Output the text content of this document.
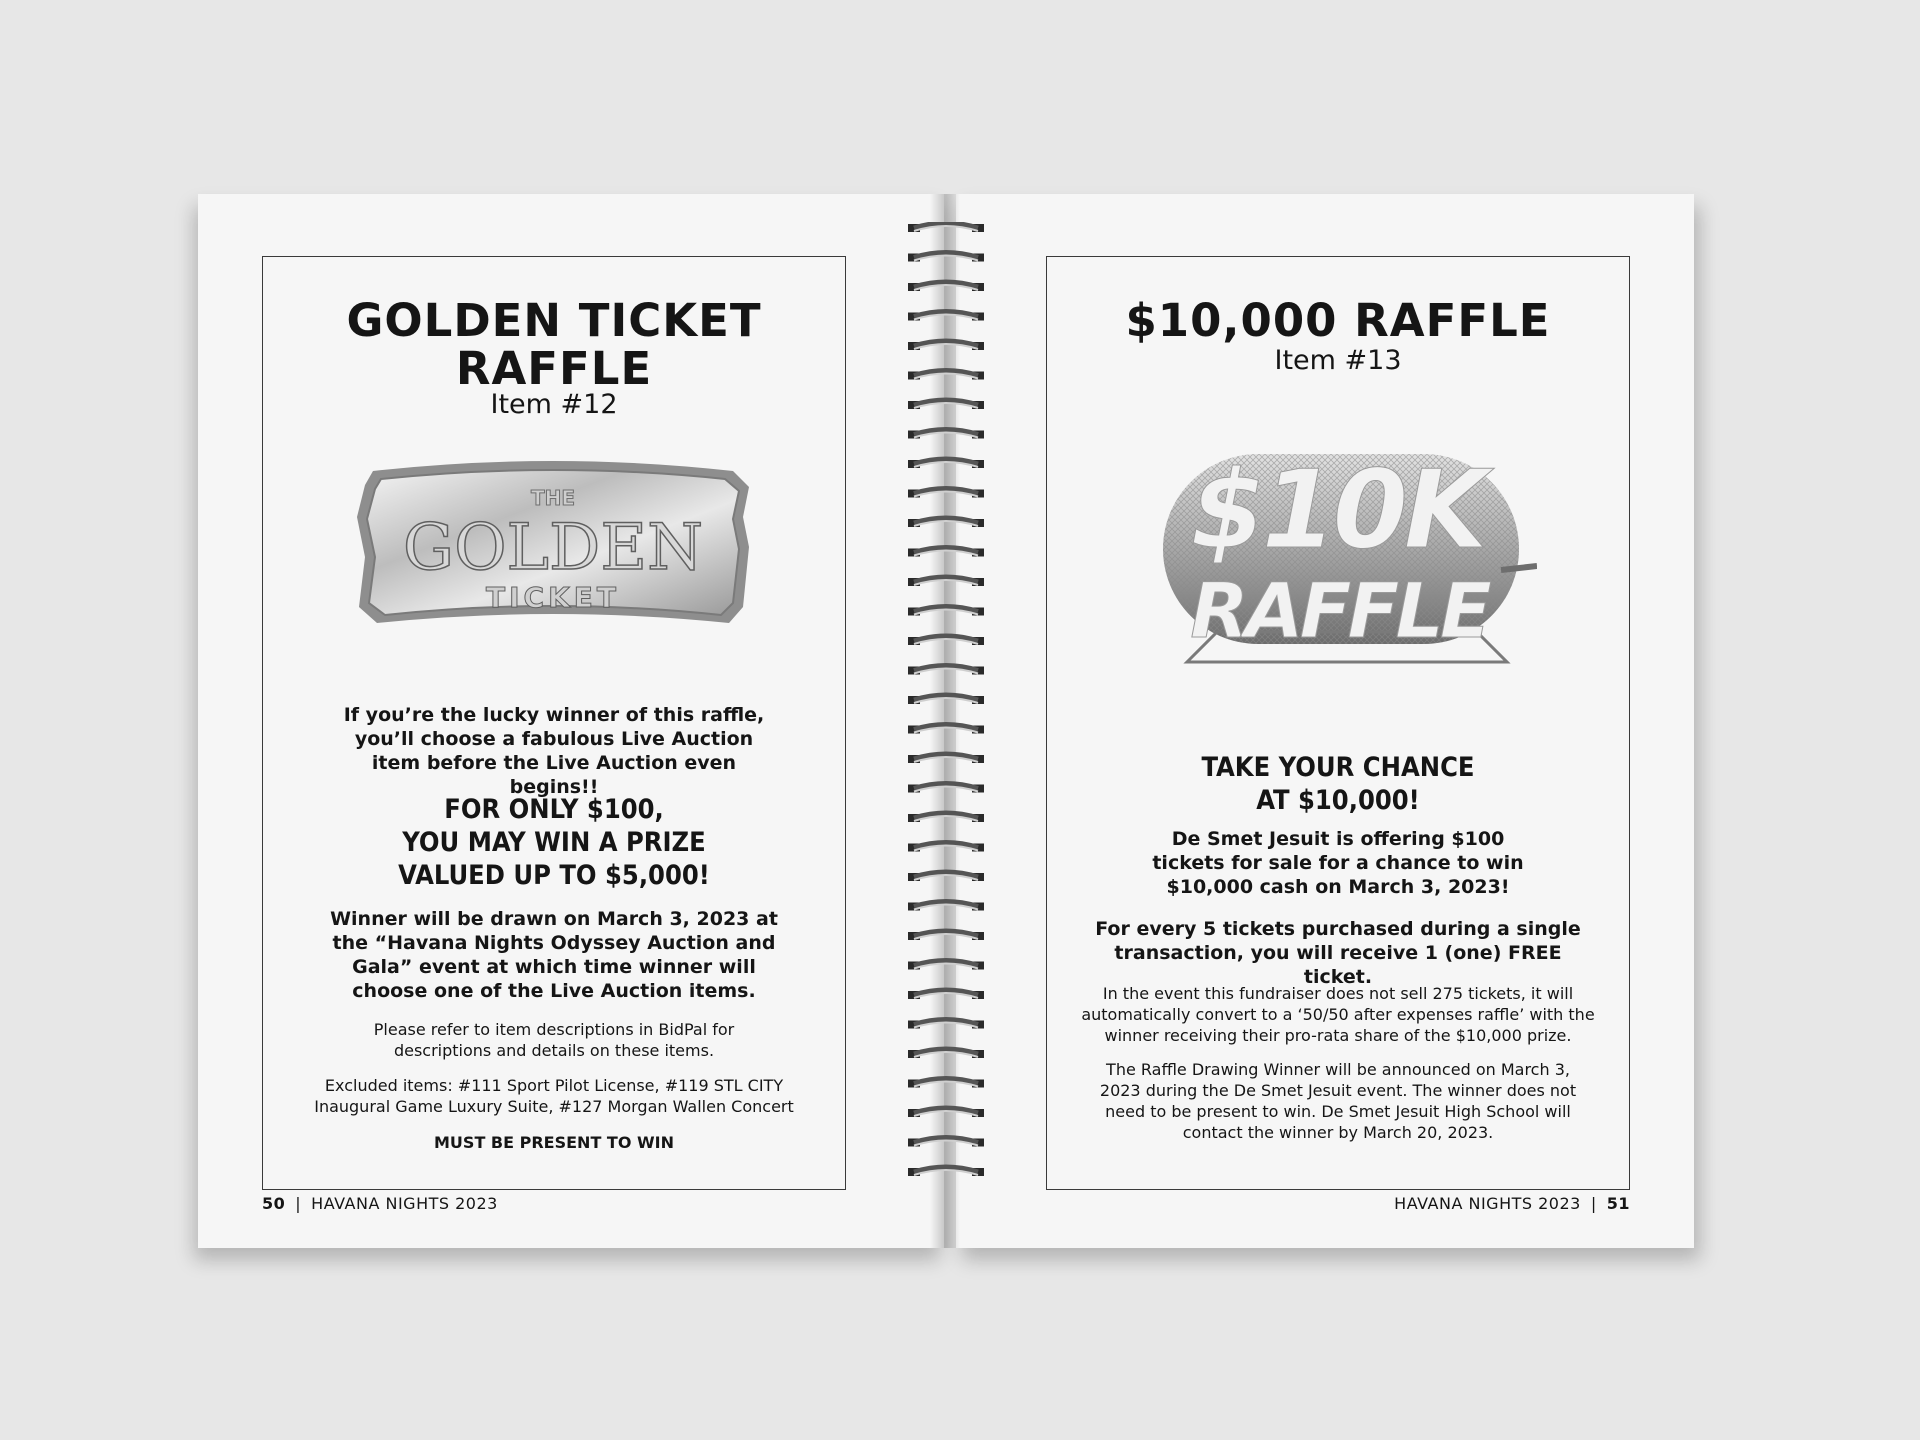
GOLDEN TICKET RAFFLE
Item #12
THE
GOLDEN
TICKET
If you’re the lucky winner of this raffle, you’ll choose a fabulous Live Auction item before the Live Auction even begins!!
FOR ONLY $100,
YOU MAY WIN A PRIZE
VALUED UP TO $5,000!
Winner will be drawn on March 3, 2023 at the “Havana Nights Odyssey Auction and Gala” event at which time winner will choose one of the Live Auction items.
Please refer to item descriptions in BidPal for descriptions and details on these items.
Excluded items: #111 Sport Pilot License, #119 STL CITY Inaugural Game Luxury Suite, #127 Morgan Wallen Concert
MUST BE PRESENT TO WIN
50 | HAVANA NIGHTS 2023
$10,000 RAFFLE
Item #13
$10K
RAFFLE
TAKE YOUR CHANCE
AT $10,000!
De Smet Jesuit is offering $100 tickets for sale for a chance to win $10,000 cash on March 3, 2023!
For every 5 tickets purchased during a single transaction, you will receive 1 (one) FREE ticket.
In the event this fundraiser does not sell 275 tickets, it will automatically convert to a ‘50/50 after expenses raffle’ with the winner receiving their pro-rata share of the $10,000 prize.
The Raffle Drawing Winner will be announced on March 3, 2023 during the De Smet Jesuit event. The winner does not need to be present to win. De Smet Jesuit High School will contact the winner by March 20, 2023.
HAVANA NIGHTS 2023 | 51
